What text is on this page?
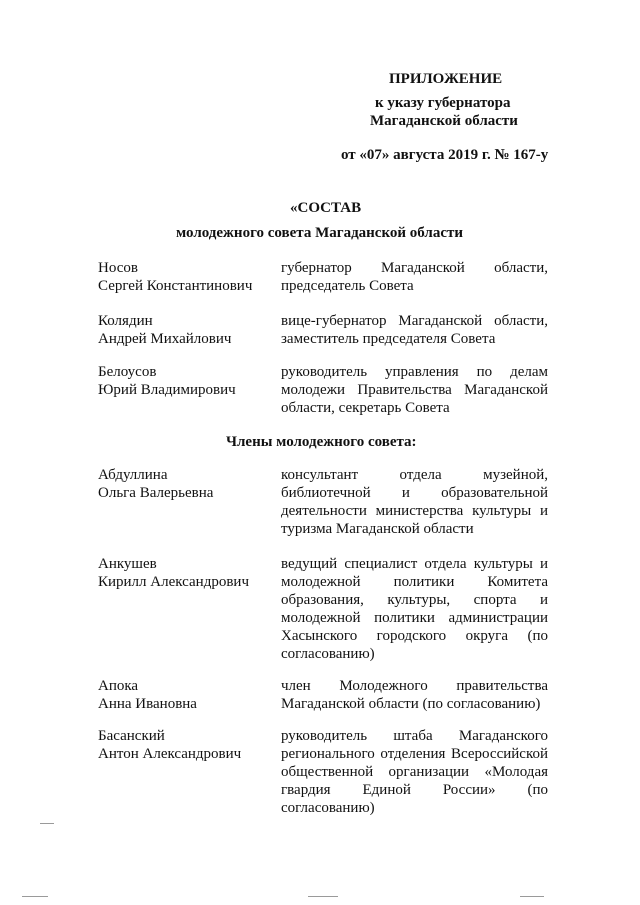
ПРИЛОЖЕНИЕ
к указу губернатора
Магаданской области
от «07» августа 2019 г. № 167-у
«СОСТАВ
молодежного совета Магаданской области
Носов
Сергей Константинович
губернатор Магаданской области, председатель Совета
Колядин
Андрей Михайлович
вице-губернатор Магаданской области, заместитель председателя Совета
Белоусов
Юрий Владимирович
руководитель управления по делам молодежи Правительства Магаданской области, секретарь Совета
Члены молодежного совета:
Абдуллина
Ольга Валерьевна
консультант отдела музейной, библиотечной и образовательной деятельности министерства культуры и туризма Магаданской области
Анкушев
Кирилл Александрович
ведущий специалист отдела культуры и молодежной политики Комитета образования, культуры, спорта и молодежной политики администрации Хасынского городского округа (по согласованию)
Апока
Анна Ивановна
член Молодежного правительства Магаданской области (по согласованию)
Басанский
Антон Александрович
руководитель штаба Магаданского регионального отделения Всероссийской общественной организации «Молодая гвардия Единой России» (по согласованию)
